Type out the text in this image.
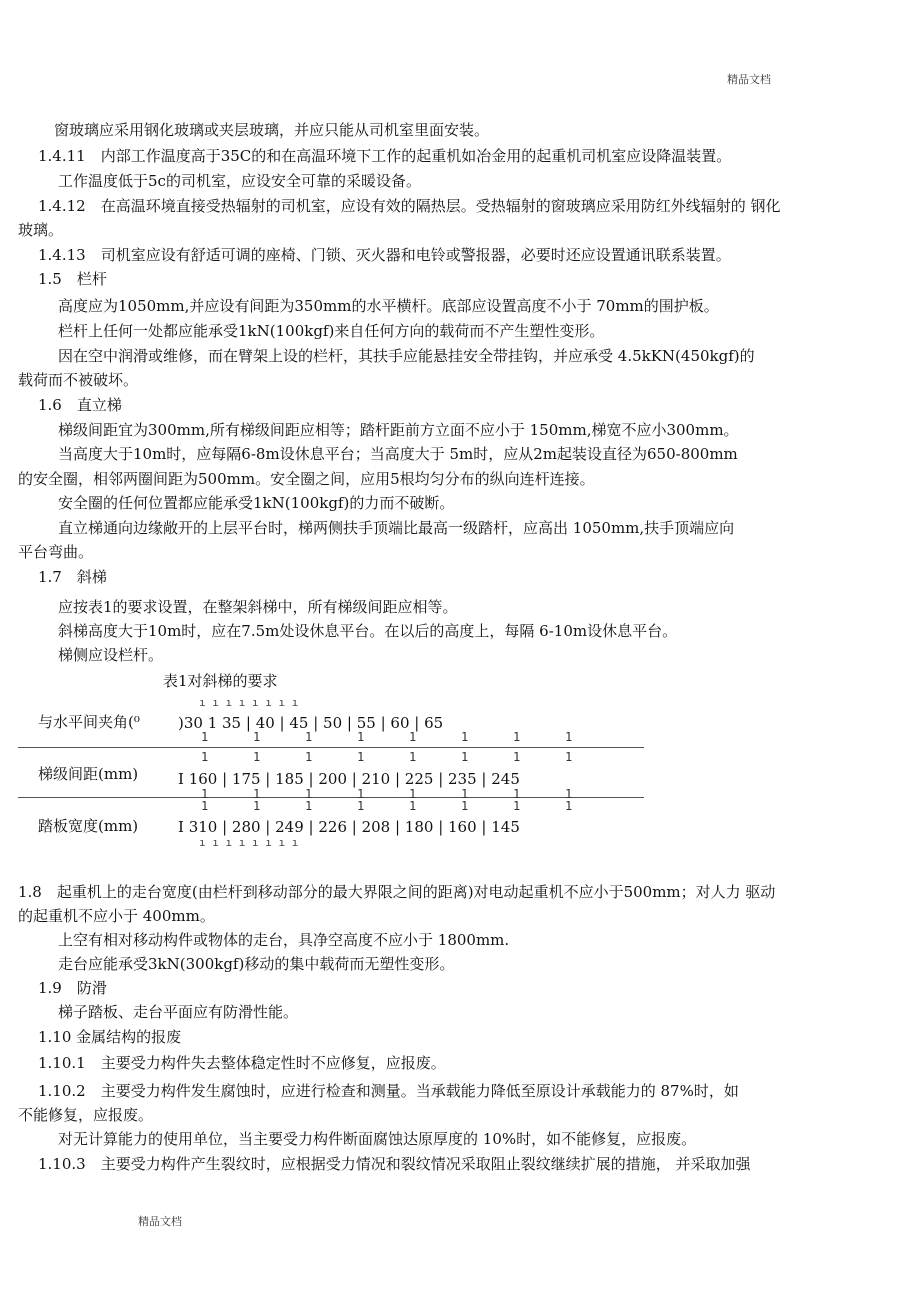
精品文档
窗玻璃应采用钢化玻璃或夹层玻璃，并应只能从司机室里面安装。
1.4.11　内部工作温度高于35C的和在高温环境下工作的起重机如冶金用的起重机司机室应设降温装置。
工作温度低于5c的司机室，应设安全可靠的采暖设备。
1.4.12　在高温环境直接受热辐射的司机室，应设有效的隔热层。受热辐射的窗玻璃应采用防红外线辐射的 钢化
玻璃。
1.4.13　司机室应设有舒适可调的座椅、门锁、灭火器和电铃或警报器，必要时还应设置通讯联系装置。
1.5　栏杆
高度应为1050mm,并应设有间距为350mm的水平横杆。底部应设置高度不小于 70mm的围护板。
栏杆上任何一处都应能承受1kN(100kgf)来自任何方向的载荷而不产生塑性变形。
因在空中润滑或维修，而在臂架上设的栏杆，其扶手应能悬挂安全带挂钩，并应承受 4.5kKN(450kgf)的
载荷而不被破坏。
1.6　直立梯
梯级间距宜为300mm,所有梯级间距应相等；踏杆距前方立面不应小于 150mm,梯宽不应小300mm。
当高度大于10m时，应每隔6-8m设休息平台；当高度大于 5m时，应从2m起装设直径为650-800mm
的安全圈，相邻两圈间距为500mm。安全圈之间，应用5根均匀分布的纵向连杆连接。
安全圈的任何位置都应能承受1kN(100kgf)的力而不破断。
直立梯通向边缘敞开的上层平台时，梯两侧扶手顶端比最高一级踏杆，应高出 1050mm,扶手顶端应向
平台弯曲。
1.7　斜梯
应按表1的要求设置，在整架斜梯中，所有梯级间距应相等。
斜梯高度大于10m时，应在7.5m处设休息平台。在以后的高度上，每隔 6-10m设休息平台。
梯侧应设栏杆。
表1对斜梯的要求
ı ı ı ı ı ı ı ı
与水平间夹角(⁰	)30 1 35 | 40 | 45 | 50 | 55 | 60 | 65
1	1	1	1	1	1	1	1
1	1	1	1	1	1	1	1
梯级间距(mm)	I 160 | 175 | 185 | 200 | 210 | 225 | 235 | 245
1	1	1	1	1	1	1	1
1	1	1	1	1	1	1	1
踏板宽度(mm)	I 310 | 280 | 249 | 226 | 208 | 180 | 160 | 145
ı ı ı ı ı ı ı ı
1.8　起重机上的走台宽度(由栏杆到移动部分的最大界限之间的距离)对电动起重机不应小于500mm；对人力 驱动
的起重机不应小于 400mm。
上空有相对移动构件或物体的走台，具净空高度不应小于 1800mm.
走台应能承受3kN(300kgf)移动的集中载荷而无塑性变形。
1.9　防滑
梯子踏板、走台平面应有防滑性能。
1.10 金属结构的报废
1.10.1　主要受力构件失去整体稳定性时不应修复，应报废。
1.10.2　主要受力构件发生腐蚀时，应进行检查和测量。当承载能力降低至原设计承载能力的 87%时，如
不能修复，应报废。
对无计算能力的使用单位，当主要受力构件断面腐蚀达原厚度的 10%时，如不能修复，应报废。
1.10.3　主要受力构件产生裂纹时，应根据受力情况和裂纹情况采取阻止裂纹继续扩展的措施， 并采取加强
精品文档
